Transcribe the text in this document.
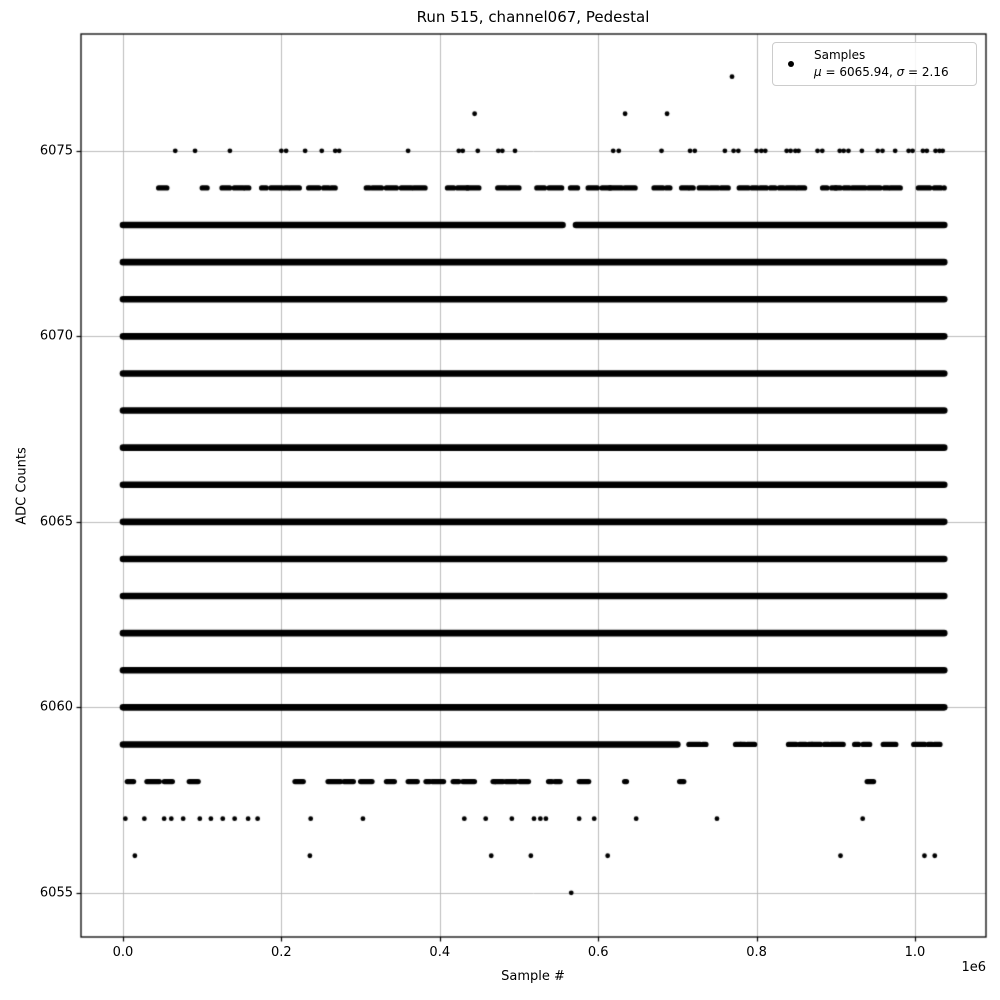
Run 515, channel067, Pedestal
Sample #
ADC Counts
1e6
0.0	0.2	0.4	0.6	0.8	1.0
6055
6060
6065
6070
6075
Samples
μ = 6065.94, σ = 2.16
